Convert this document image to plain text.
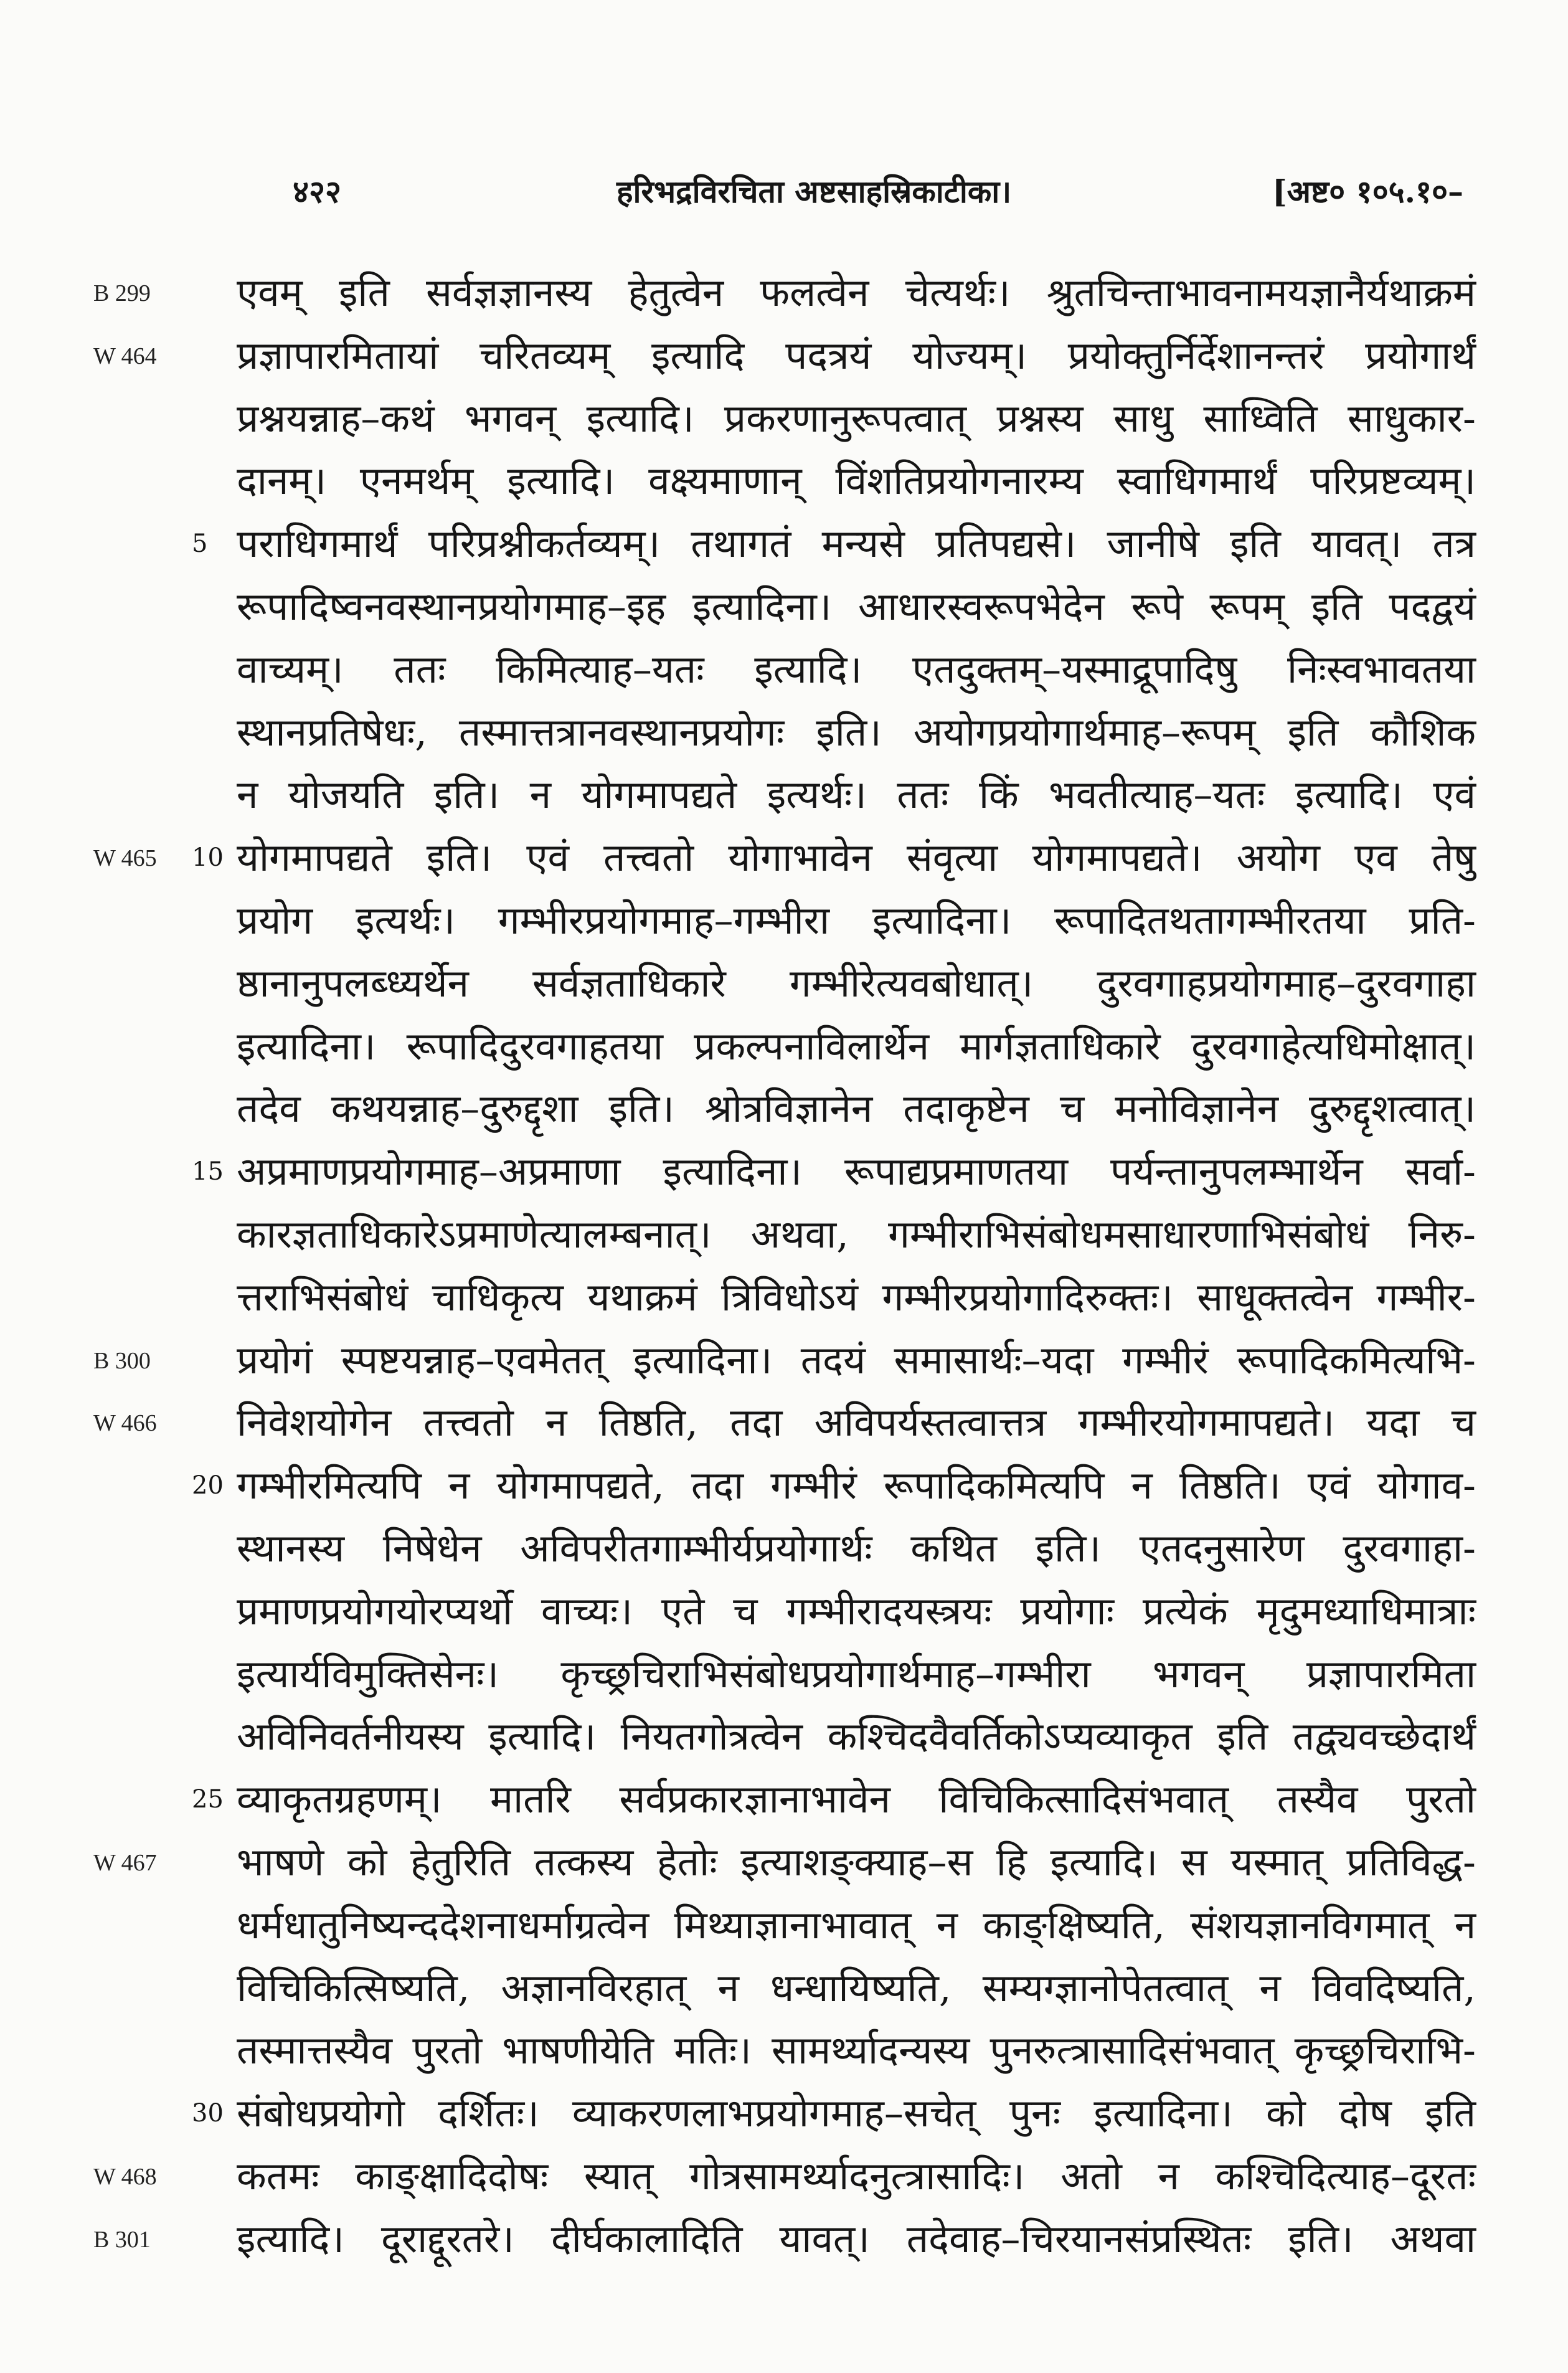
४२२	हरिभद्रविरचिता अष्टसाहस्रिकाटीका।	[अष्ट० १०५.१०–
B 299
W 464
W 465
B 300
W 466
W 467
W 468
B 301
एवम् इति सर्वज्ञज्ञानस्य हेतुत्वेन फलत्वेन चेत्यर्थः। श्रुतचिन्ताभावनामयज्ञानैर्यथाक्रमं
प्रज्ञापारमितायां चरितव्यम् इत्यादि पदत्रयं योज्यम्। प्रयोक्तुर्निर्देशानन्तरं प्रयोगार्थं
प्रश्नयन्नाह–कथं भगवन् इत्यादि। प्रकरणानुरूपत्वात् प्रश्नस्य साधु साध्विति साधुकार-
दानम्। एनमर्थम् इत्यादि। वक्ष्यमाणान् विंशतिप्रयोगनारम्य स्वाधिगमार्थं परिप्रष्टव्यम्।
पराधिगमार्थं परिप्रश्नीकर्तव्यम्। तथागतं मन्यसे प्रतिपद्यसे। जानीषे इति यावत्। तत्र
5
रूपादिष्वनवस्थानप्रयोगमाह–इह इत्यादिना। आधारस्वरूपभेदेन रूपे रूपम् इति पदद्वयं
वाच्यम्। ततः किमित्याह–यतः इत्यादि। एतदुक्तम्–यस्माद्रूपादिषु निःस्वभावतया
स्थानप्रतिषेधः, तस्मात्तत्रानवस्थानप्रयोगः इति। अयोगप्रयोगार्थमाह–रूपम् इति कौशिक
न योजयति इति। न योगमापद्यते इत्यर्थः। ततः किं भवतीत्याह–यतः इत्यादि। एवं
योगमापद्यते इति। एवं तत्त्वतो योगाभावेन संवृत्या योगमापद्यते। अयोग एव तेषु
10
प्रयोग इत्यर्थः। गम्भीरप्रयोगमाह–गम्भीरा इत्यादिना। रूपादितथतागम्भीरतया प्रति-
ष्ठानानुपलब्ध्यर्थेन सर्वज्ञताधिकारे गम्भीरेत्यवबोधात्। दुरवगाहप्रयोगमाह–दुरवगाहा
इत्यादिना। रूपादिदुरवगाहतया प्रकल्पनाविलार्थेन मार्गज्ञताधिकारे दुरवगाहेत्यधिमोक्षात्।
तदेव कथयन्नाह–दुरुद्दृशा इति। श्रोत्रविज्ञानेन तदाकृष्टेन च मनोविज्ञानेन दुरुद्दृशत्वात्।
अप्रमाणप्रयोगमाह–अप्रमाणा इत्यादिना। रूपाद्यप्रमाणतया पर्यन्तानुपलम्भार्थेन सर्वा-
15
कारज्ञताधिकारेऽप्रमाणेत्यालम्बनात्। अथवा, गम्भीराभिसंबोधमसाधारणाभिसंबोधं निरु-
त्तराभिसंबोधं चाधिकृत्य यथाक्रमं त्रिविधोऽयं गम्भीरप्रयोगादिरुक्तः। साधूक्तत्वेन गम्भीर-
प्रयोगं स्पष्टयन्नाह–एवमेतत् इत्यादिना। तदयं समासार्थः–यदा गम्भीरं रूपादिकमित्यभि-
निवेशयोगेन तत्त्वतो न तिष्ठति, तदा अविपर्यस्तत्वात्तत्र गम्भीरयोगमापद्यते। यदा च
गम्भीरमित्यपि न योगमापद्यते, तदा गम्भीरं रूपादिकमित्यपि न तिष्ठति। एवं योगाव-
20
स्थानस्य निषेधेन अविपरीतगाम्भीर्यप्रयोगार्थः कथित इति। एतदनुसारेण दुरवगाहा-
प्रमाणप्रयोगयोरप्यर्थो वाच्यः। एते च गम्भीरादयस्त्रयः प्रयोगाः प्रत्येकं मृदुमध्याधिमात्राः
इत्यार्यविमुक्तिसेनः। कृच्छ्रचिराभिसंबोधप्रयोगार्थमाह–गम्भीरा भगवन् प्रज्ञापारमिता
अविनिवर्तनीयस्य इत्यादि। नियतगोत्रत्वेन कश्चिदवैवर्तिकोऽप्यव्याकृत इति तद्व्यवच्छेदार्थं
व्याकृतग्रहणम्। मातरि सर्वप्रकारज्ञानाभावेन विचिकित्सादिसंभवात् तस्यैव पुरतो
25
भाषणे को हेतुरिति तत्कस्य हेतोः इत्याशङ्क्याह–स हि इत्यादि। स यस्मात् प्रतिविद्ध-
धर्मधातुनिष्यन्ददेशनाधर्माग्रत्वेन मिथ्याज्ञानाभावात् न काङ्क्षिष्यति, संशयज्ञानविगमात् न
विचिकित्सिष्यति, अज्ञानविरहात् न धन्धायिष्यति, सम्यग्ज्ञानोपेतत्वात् न विवदिष्यति,
तस्मात्तस्यैव पुरतो भाषणीयेति मतिः। सामर्थ्यादन्यस्य पुनरुत्त्रासादिसंभवात् कृच्छ्रचिराभि-
संबोधप्रयोगो दर्शितः। व्याकरणलाभप्रयोगमाह–सचेत् पुनः इत्यादिना। को दोष इति
30
कतमः काङ्क्षादिदोषः स्यात् गोत्रसामर्थ्यादनुत्त्रासादिः। अतो न कश्चिदित्याह–दूरतः
इत्यादि। दूराद्दूरतरे। दीर्घकालादिति यावत्। तदेवाह–चिरयानसंप्रस्थितः इति। अथवा
